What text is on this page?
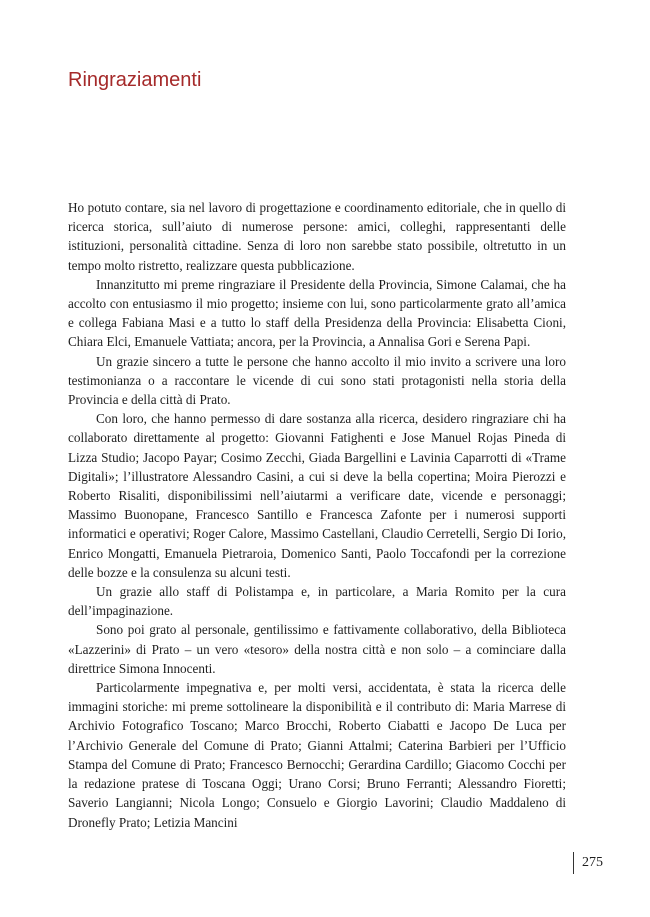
Ringraziamenti

Ho potuto contare, sia nel lavoro di progettazione e coordinamento editoriale, che in quello di ricerca storica, sull’aiuto di numerose persone: amici, colleghi, rappresentanti delle istituzioni, personalità cittadine. Senza di loro non sarebbe stato possibile, oltretutto in un tempo molto ristretto, realizzare questa pubblicazione.

Innanzitutto mi preme ringraziare il Presidente della Provincia, Simone Calamai, che ha accolto con entusiasmo il mio progetto; insieme con lui, sono particolarmente grato all’amica e collega Fabiana Masi e a tutto lo staff della Presidenza della Provincia: Elisabetta Cioni, Chiara Elci, Emanuele Vattiata; ancora, per la Provincia, a Annalisa Gori e Serena Papi.

Un grazie sincero a tutte le persone che hanno accolto il mio invito a scrivere una loro testimonianza o a raccontare le vicende di cui sono stati protagonisti nella storia della Provincia e della città di Prato.

Con loro, che hanno permesso di dare sostanza alla ricerca, desidero ringraziare chi ha collaborato direttamente al progetto: Giovanni Fatighenti e Jose Manuel Rojas Pineda di Lizza Studio; Jacopo Payar; Cosimo Zecchi, Giada Bargellini e Lavinia Caparrotti di «Trame Digitali»; l’illustratore Alessandro Casini, a cui si deve la bella copertina; Moira Pierozzi e Roberto Risaliti, disponibilissimi nell’aiutarmi a verificare date, vicende e personaggi; Massimo Buonopane, Francesco Santillo e Francesca Zafonte per i numerosi supporti informatici e operativi; Roger Calore, Massimo Castellani, Claudio Cerretelli, Sergio Di Iorio, Enrico Mongatti, Emanuela Pietraroia, Domenico Santi, Paolo Toccafondi per la correzione delle bozze e la consulenza su alcuni testi.

Un grazie allo staff di Polistampa e, in particolare, a Maria Romito per la cura dell’impaginazione.

Sono poi grato al personale, gentilissimo e fattivamente collaborativo, della Biblioteca «Lazzerini» di Prato – un vero «tesoro» della nostra città e non solo – a cominciare dalla direttrice Simona Innocenti.

Particolarmente impegnativa e, per molti versi, accidentata, è stata la ricerca delle immagini storiche: mi preme sottolineare la disponibilità e il contributo di: Maria Marrese di Archivio Fotografico Toscano; Marco Brocchi, Roberto Ciabatti e Jacopo De Luca per l’Archivio Generale del Comune di Prato; Gianni Attalmi; Caterina Barbieri per l’Ufficio Stampa del Comune di Prato; Francesco Bernocchi; Gerardina Cardillo; Giacomo Cocchi per la redazione pratese di Toscana Oggi; Urano Corsi; Bruno Ferranti; Alessandro Fioretti; Saverio Langianni; Nicola Longo; Consuelo e Giorgio Lavorini; Claudio Maddaleno di Dronefly Prato; Letizia Mancini

275
